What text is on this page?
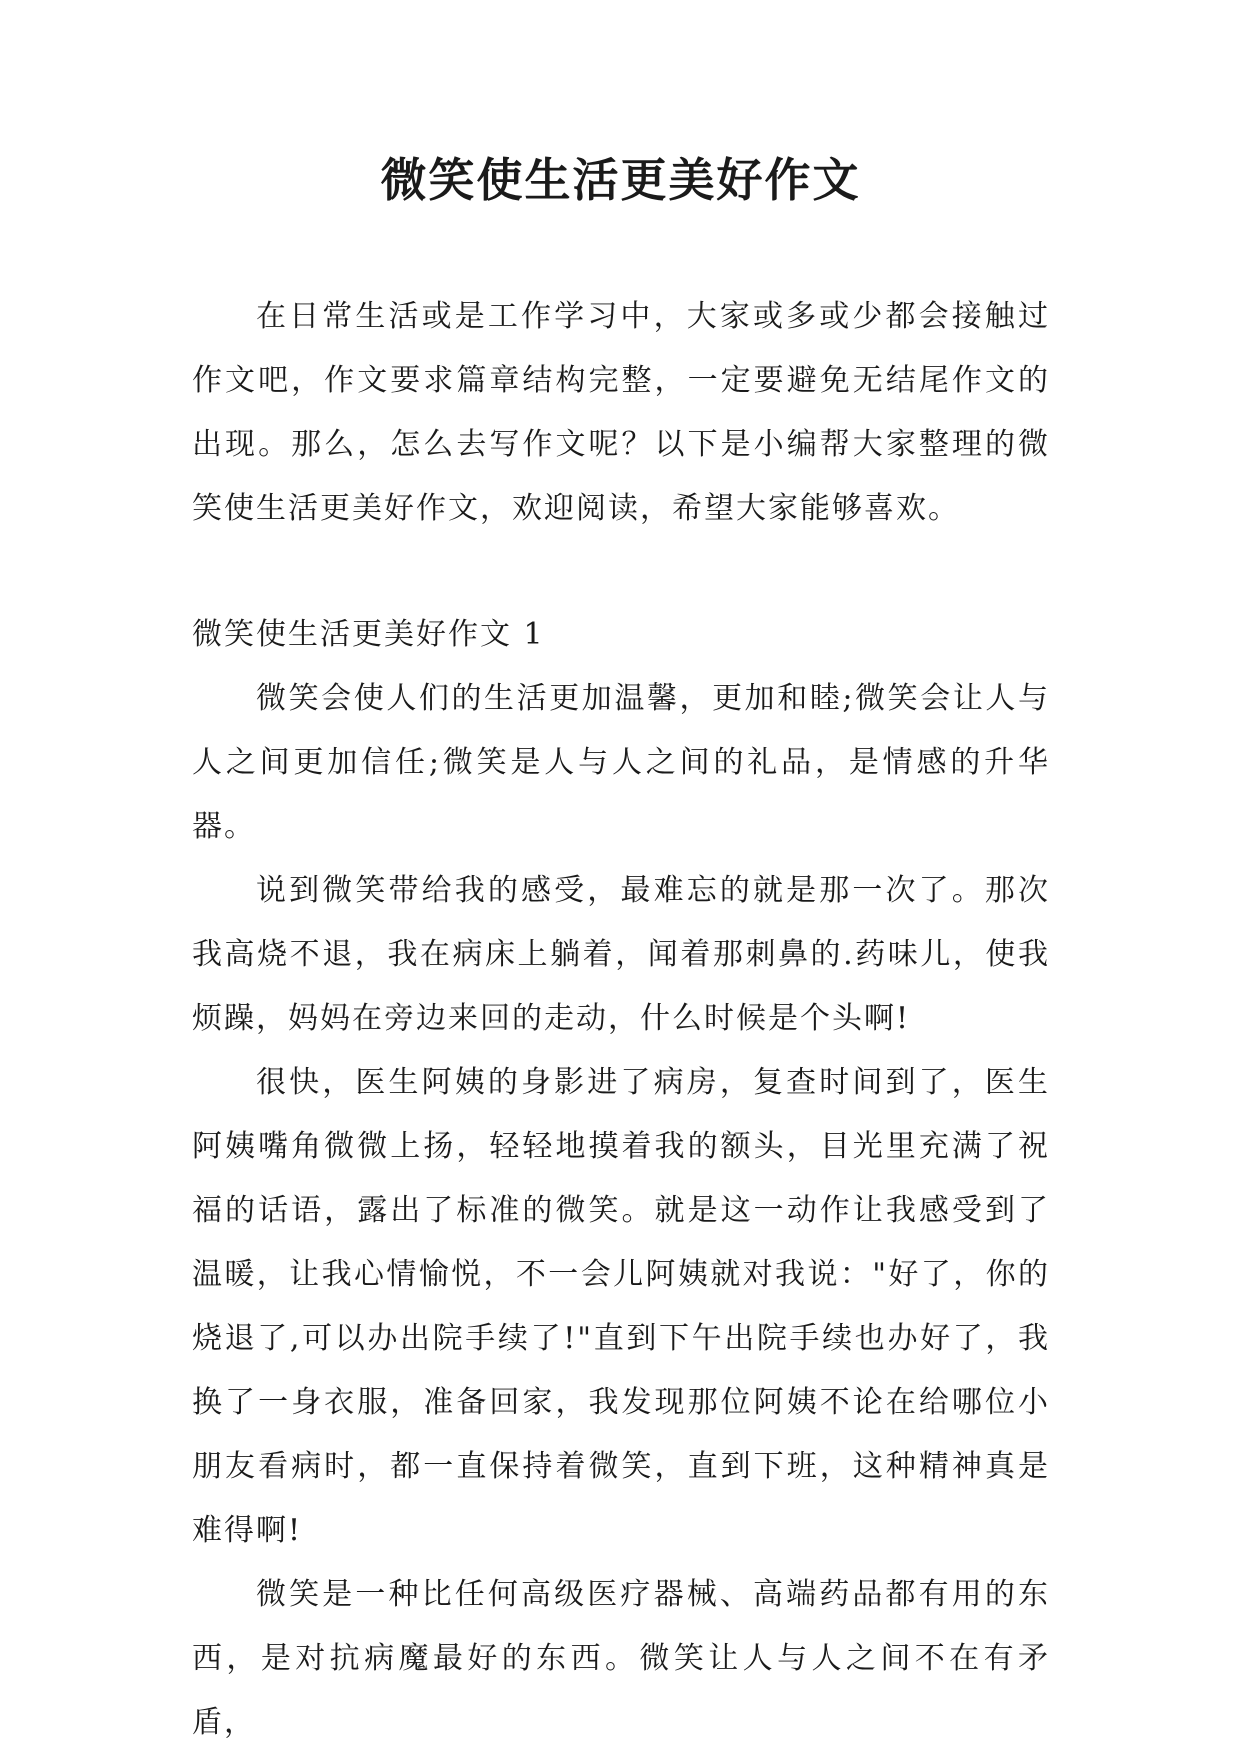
微笑使生活更美好作文

在日常生活或是工作学习中，大家或多或少都会接触过作文吧，作文要求篇章结构完整，一定要避免无结尾作文的出现。那么，怎么去写作文呢？以下是小编帮大家整理的微笑使生活更美好作文，欢迎阅读，希望大家能够喜欢。

微笑使生活更美好作文 1

微笑会使人们的生活更加温馨，更加和睦;微笑会让人与人之间更加信任;微笑是人与人之间的礼品，是情感的升华器。

说到微笑带给我的感受，最难忘的就是那一次了。那次我高烧不退，我在病床上躺着，闻着那刺鼻的.药味儿，使我烦躁，妈妈在旁边来回的走动，什么时候是个头啊!

很快，医生阿姨的身影进了病房，复查时间到了，医生阿姨嘴角微微上扬，轻轻地摸着我的额头，目光里充满了祝福的话语，露出了标准的微笑。就是这一动作让我感受到了温暖，让我心情愉悦，不一会儿阿姨就对我说："好了，你的烧退了,可以办出院手续了!"直到下午出院手续也办好了，我换了一身衣服，准备回家，我发现那位阿姨不论在给哪位小朋友看病时，都一直保持着微笑，直到下班，这种精神真是难得啊!

微笑是一种比任何高级医疗器械、高端药品都有用的东西，是对抗病魔最好的东西。微笑让人与人之间不在有矛盾，
